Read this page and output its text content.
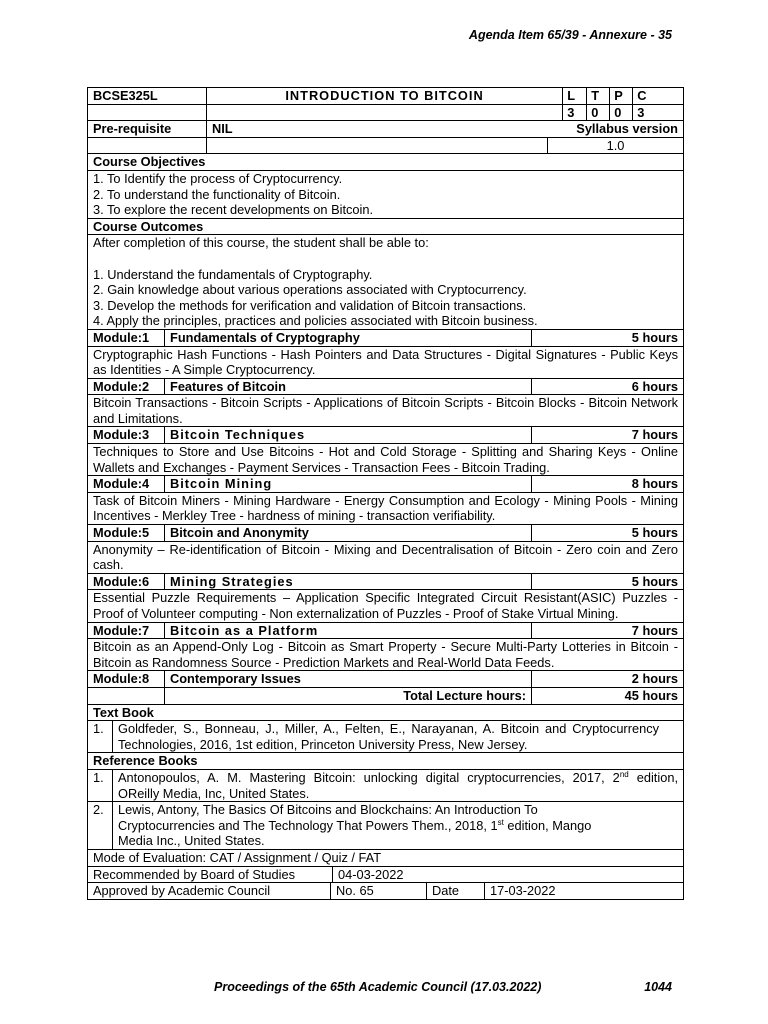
Agenda Item 65/39 - Annexure - 35
BCSE325L	INTRODUCTION TO BITCOIN	L	T	P	C
3	0	0	3
Pre-requisite	NIL	Syllabus version
1.0
Course Objectives
1. To Identify the process of Cryptocurrency.
2. To understand the functionality of Bitcoin.
3. To explore the recent developments on Bitcoin.
Course Outcomes
After completion of this course, the student shall be able to:
1. Understand the fundamentals of Cryptography.
2. Gain knowledge about various operations associated with Cryptocurrency.
3. Develop the methods for verification and validation of Bitcoin transactions.
4. Apply the principles, practices and policies associated with Bitcoin business.
Module:1	Fundamentals of Cryptography	5 hours
Cryptographic Hash Functions - Hash Pointers and Data Structures - Digital Signatures - Public Keys as Identities - A Simple Cryptocurrency.
Module:2	Features of Bitcoin	6 hours
Bitcoin Transactions - Bitcoin Scripts - Applications of Bitcoin Scripts - Bitcoin Blocks - Bitcoin Network and Limitations.
Module:3	Bitcoin Techniques	7 hours
Techniques to Store and Use Bitcoins - Hot and Cold Storage - Splitting and Sharing Keys - Online Wallets and Exchanges - Payment Services - Transaction Fees - Bitcoin Trading.
Module:4	Bitcoin Mining	8 hours
Task of Bitcoin Miners - Mining Hardware - Energy Consumption and Ecology - Mining Pools - Mining Incentives - Merkley Tree - hardness of mining - transaction verifiability.
Module:5	Bitcoin and Anonymity	5 hours
Anonymity – Re-identification of Bitcoin - Mixing and Decentralisation of Bitcoin - Zero coin and Zero cash.
Module:6	Mining Strategies	5 hours
Essential Puzzle Requirements – Application Specific Integrated Circuit Resistant(ASIC) Puzzles - Proof of Volunteer computing - Non externalization of Puzzles - Proof of Stake Virtual Mining.
Module:7	Bitcoin as a Platform	7 hours
Bitcoin as an Append-Only Log - Bitcoin as Smart Property - Secure Multi-Party Lotteries in Bitcoin - Bitcoin as Randomness Source - Prediction Markets and Real-World Data Feeds.
Module:8	Contemporary Issues	2 hours
Total Lecture hours:	45 hours
Text Book
1.	Goldfeder, S., Bonneau, J., Miller, A., Felten, E., Narayanan, A. Bitcoin and Cryptocurrency Technologies, 2016, 1st edition, Princeton University Press, New Jersey.
Reference Books
1.	Antonopoulos, A. M. Mastering Bitcoin: unlocking digital cryptocurrencies, 2017, 2nd edition, OReilly Media, Inc, United States.
2.	Lewis, Antony, The Basics Of Bitcoins and Blockchains: An Introduction To Cryptocurrencies and The Technology That Powers Them., 2018, 1st edition, Mango Media Inc., United States.
Mode of Evaluation: CAT / Assignment / Quiz / FAT
Recommended by Board of Studies	04-03-2022
Approved by Academic Council	No. 65	Date	17-03-2022
Proceedings of the 65th Academic Council (17.03.2022)	1044
